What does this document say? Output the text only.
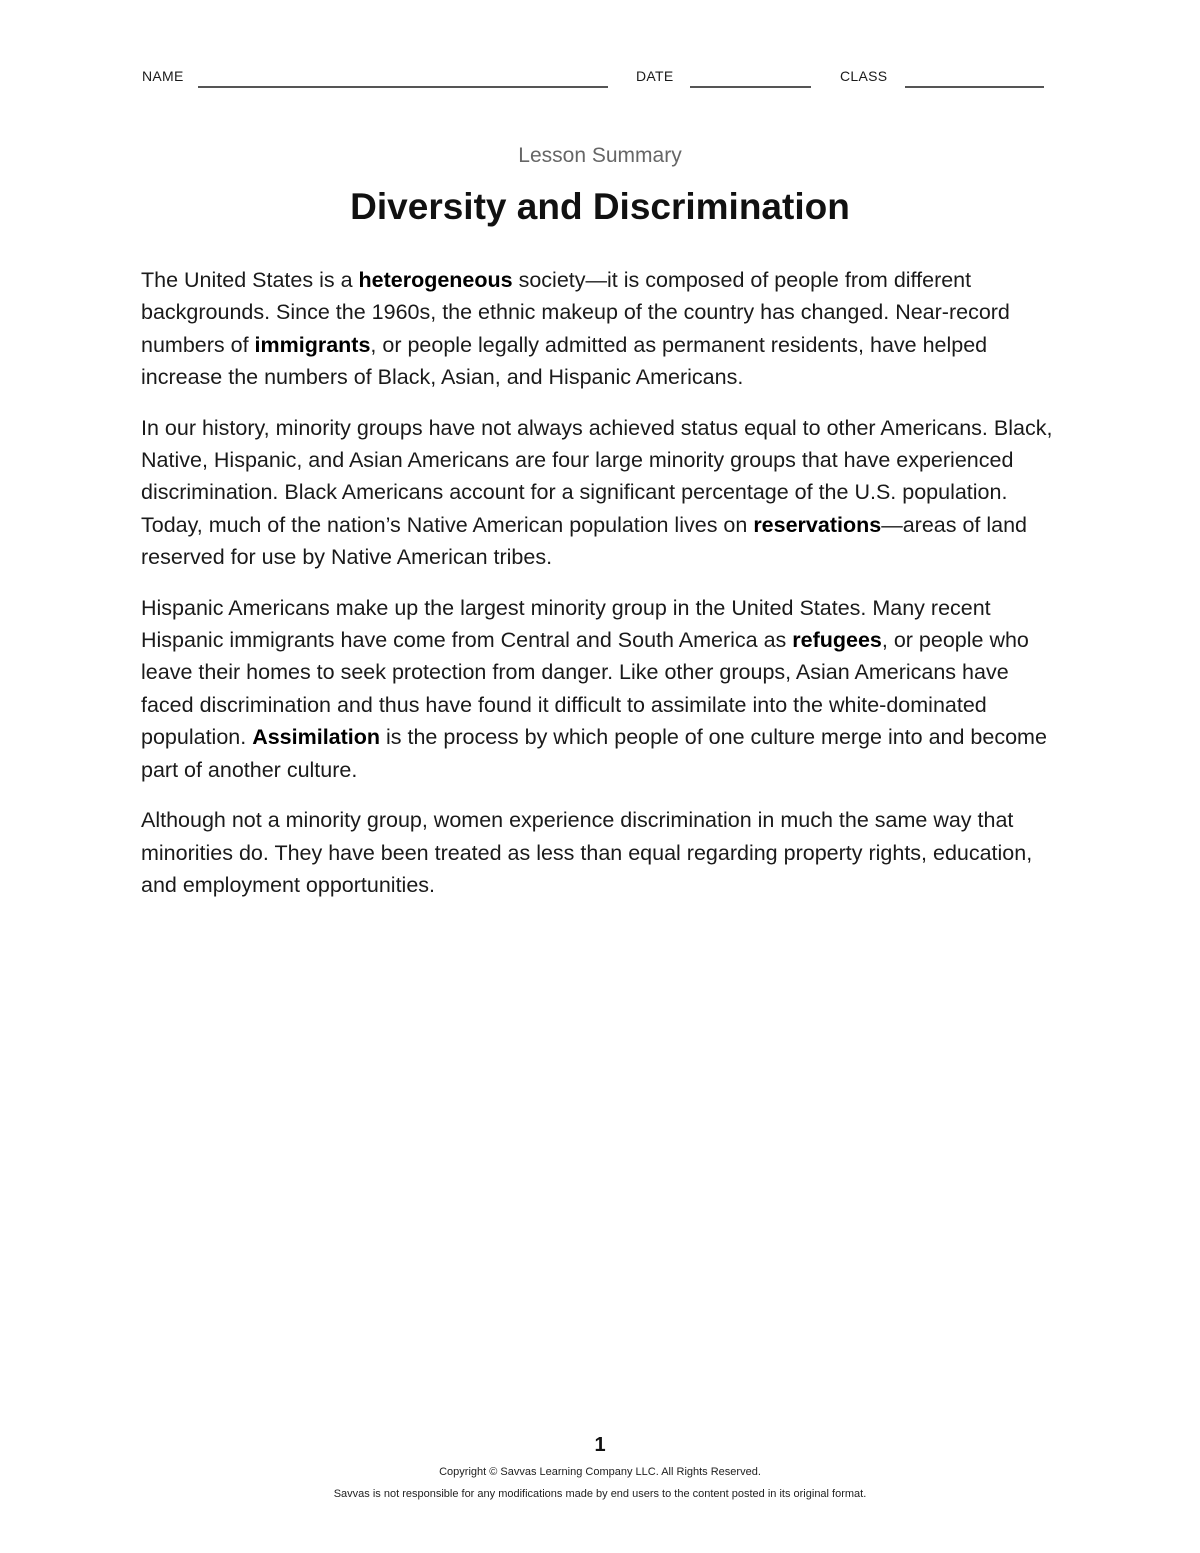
NAME	DATE	CLASS
Lesson Summary
Diversity and Discrimination

The United States is a heterogeneous society—it is composed of people from different backgrounds. Since the 1960s, the ethnic makeup of the country has changed. Near-record numbers of immigrants, or people legally admitted as permanent residents, have helped increase the numbers of Black, Asian, and Hispanic Americans.

In our history, minority groups have not always achieved status equal to other Americans. Black, Native, Hispanic, and Asian Americans are four large minority groups that have experienced discrimination. Black Americans account for a significant percentage of the U.S. population. Today, much of the nation’s Native American population lives on reservations—areas of land reserved for use by Native American tribes.

Hispanic Americans make up the largest minority group in the United States. Many recent Hispanic immigrants have come from Central and South America as refugees, or people who leave their homes to seek protection from danger. Like other groups, Asian Americans have faced discrimination and thus have found it difficult to assimilate into the white-dominated population. Assimilation is the process by which people of one culture merge into and become part of another culture.

Although not a minority group, women experience discrimination in much the same way that minorities do. They have been treated as less than equal regarding property rights, education, and employment opportunities.

1
Copyright © Savvas Learning Company LLC. All Rights Reserved.
Savvas is not responsible for any modifications made by end users to the content posted in its original format.
